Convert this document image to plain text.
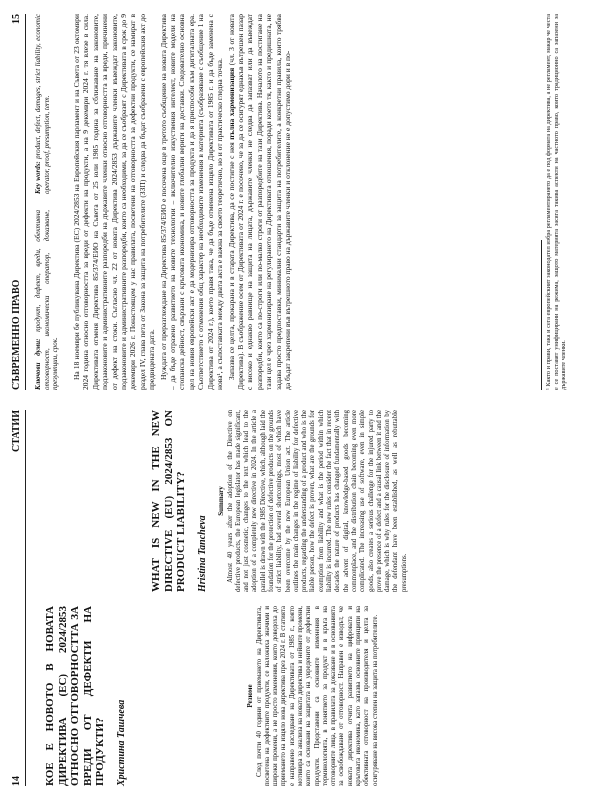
14
СТАТИИ

КОЕ Е НОВОТО В НОВАТА ДИРЕКТИВА (ЕС) 2024/2853 ОТНОСНО ОТГОВОРНОСТТА ЗА ВРЕДИ ОТ ДЕФЕКТИ НА ПРОДУКТИ? Христина Ташчева
Резюме След почти 40 години от приемането на Директивата, посветена на дефектните продукти, се наложиха значими и широки промени, а не просто изменения, които доведоха до приемането на изцяло нова директива през 2024 г. В статията е направено изследване на Директивата от 1985 г., която мотивира за анализа на новата директива и нейните промени, които са основани на защитата на увредените от дефектни продукти. Представени са основните изменения в терминологията, в понятието за продукт и в кръга на отговорните лица, в правилата за доказване и в основанията за освобождаване от отговорност. Направен е изводът, че новата директива отчита развитието на цифровата и кръговата икономика, като запазва основните принципи на обективната отговорност на производителя и целта за осигуряване на висока степен на защита на потребителите.

WHAT IS NEW IN THE NEW DIRECTIVE (EU) 2024/2853 ON PRODUCT LIABILITY? Hristina Tancheva
Summary Almost 40 years after the adoption of the Directive on defective products, the European legislator has made significant, and not just cosmetic, changes to the text which lead to the adoption of a completely new directive in 2024. In the article a parallel is drawn with the 1985 Directive, which, although laid the foundation for the protection of defective products on the grounds of strict liability, had several shortcomings, most of which have been overcome by the new European Union act. The article outlines the main changes in the regime of liability for defective products, regarding the understanding of a product and who is the liable person, how the defect is proven, what are the grounds for exemption from liability and what is the period within which liability is incurred. The new rules consider the fact that in recent decades the nature of products has changed fundamentally with the advent of digital, knowledge-based goods becoming commonplace, and the distribution chain becoming even more complicated. The increasing use of software, even in simple goods, also creates a serious challenge for the injured party to prove the presence of a defect and a causal link between it and the damage, which is why rules for the disclosure of information by the defendant have been established, as well as rebuttable presumptions.

СЪВРЕМЕННО ПРАВО
15

Ключови думи: продукт, дефект, вреди, обективна отговорност, икономически оператор, доказване, презумпции, срок.

Key words: product, defect, damages, strict liability, economic operator, proof, presumption, term.	На 18 ноември бе публикувана Директива (ЕС) 2024/2853 на Европейския парламент и на Съвета от 23 октомври 2024 година относно отговорността за вреди от дефекти на продукти, а на 9 декември 2024 г. тя влезе в сила. Директивата отменя Директива 85/374/ЕИО на Съвета от 25 юли 1985 година за сближаване на законовите, подзаконовите и административните разпоредби на държавите членки относно отговорността за вреди, причинени от дефект на стоки. Съгласно чл. 22 от новата Директива 2024/2853 държавите членки въвеждат законовите, подзаконовите и административните разпоредби, които са необходими, за да се съобразят с Директивата в срок до 9 декември 2026 г. Понастоящем у нас правилата, посветени на отговорността за дефектни продукти, се намират в раздел IV, глава пета от Закона за защита на потребителите (ЗЗП) и следва да бъдат съобразени с европейския акт до предвидената дата. Нуждата от преразглеждане на Директива 85/374/ЕИО е посочена още в третото съобщение на новата Директива – да бъде отразено развитието на новите технологии – включително изкуствения интелект, новите модели на стопанска дейност, свързани с кръговата икономика, и новите глобални вериги на доставки. Следователно основна цел на новия европейски акт е да модернизира отговорността за продукта и да я приспособи към дигиталната ера. Съответствието с отменения общ характер на необходимите изменения в материята (съобразяване с съобщение 1 на Директива от 2024 г.), което правя така, че да бъде отменена изцяло Директивата от 1985 г. и да бъде заменена с нова¹, а съпоставката между двата акта е важна за своето теоретично, но и от практическо гледна точка. Запазва се целта, прокарана и в старата Директива, да се постигне с нея пълна хармонизация (чл. 3 от новата Директива). В съображение осем от Директивата от 2024 г. е посочено, че за да се осигурят еднакъв вътрешен пазар с високо и еднакво равнище на защита на лицата, държавите членки не следва да запазват или да въвеждат разпоредби, които са по-строги или по-малко строги от разпоредбите на тази Директива. Началото на постигане на тази цел е чрез хармонизиране на регулирането на Директивата отношения, поради което тя, както и предишната, не задава просто предпоставки, минимални стандарти за защита на потребителите, а конкретни правила, които трябва да бъдат закрепени във вътрешното право на държавите членки и отклонение не е допустимо дори и в по-	¹ Както и прави, така и сега европейският законодател избра регламентирането да е под формата на директива, а не регламент, макар че честа е се поставят унифицирани на режима, защото материята засяга такива аспекти на частното право, които традиционно са запазени за държавите членки.
